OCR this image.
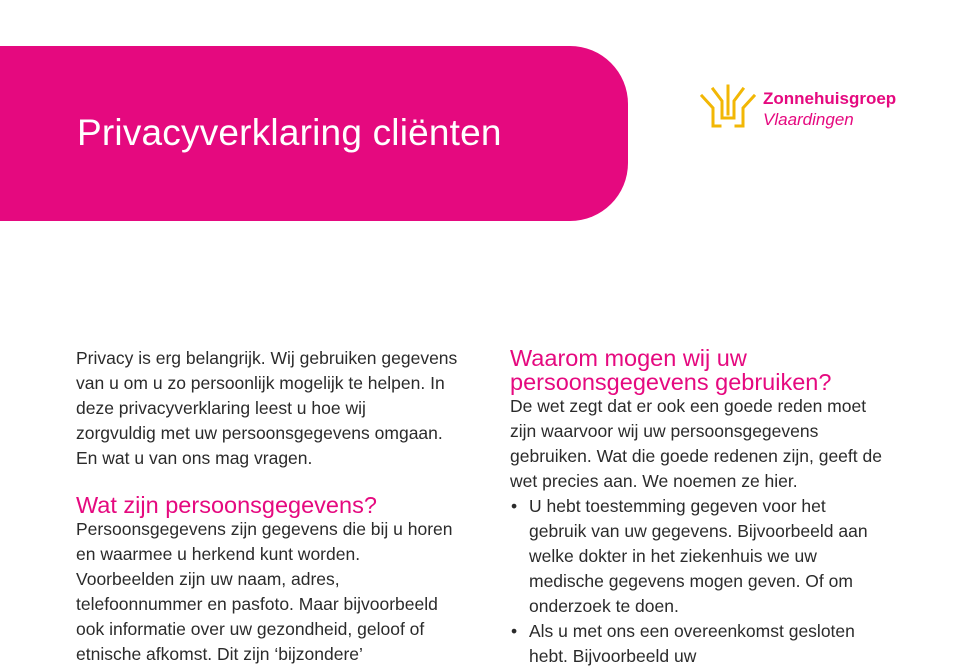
Privacyverklaring cliënten
Zonnehuisgroep
Vlaardingen

Privacy is erg belangrijk. Wij gebruiken gegevens
van u om u zo persoonlijk mogelijk te helpen. In
deze privacyverklaring leest u hoe wij
zorgvuldig met uw persoonsgegevens omgaan.
En wat u van ons mag vragen.

Wat zijn persoonsgegevens?

Persoonsgegevens zijn gegevens die bij u horen
en waarmee u herkend kunt worden.
Voorbeelden zijn uw naam, adres,
telefoonnummer en pasfoto. Maar bijvoorbeeld
ook informatie over uw gezondheid, geloof of
etnische afkomst. Dit zijn ‘bijzondere’

Waarom mogen wij uw
persoonsgegevens gebruiken?

De wet zegt dat er ook een goede reden moet
zijn waarvoor wij uw persoonsgegevens
gebruiken. Wat die goede redenen zijn, geeft de
wet precies aan. We noemen ze hier.

• U hebt toestemming gegeven voor het
gebruik van uw gegevens. Bijvoorbeeld aan
welke dokter in het ziekenhuis we uw
medische gegevens mogen geven. Of om
onderzoek te doen.
• Als u met ons een overeenkomst gesloten
hebt. Bijvoorbeeld uw
